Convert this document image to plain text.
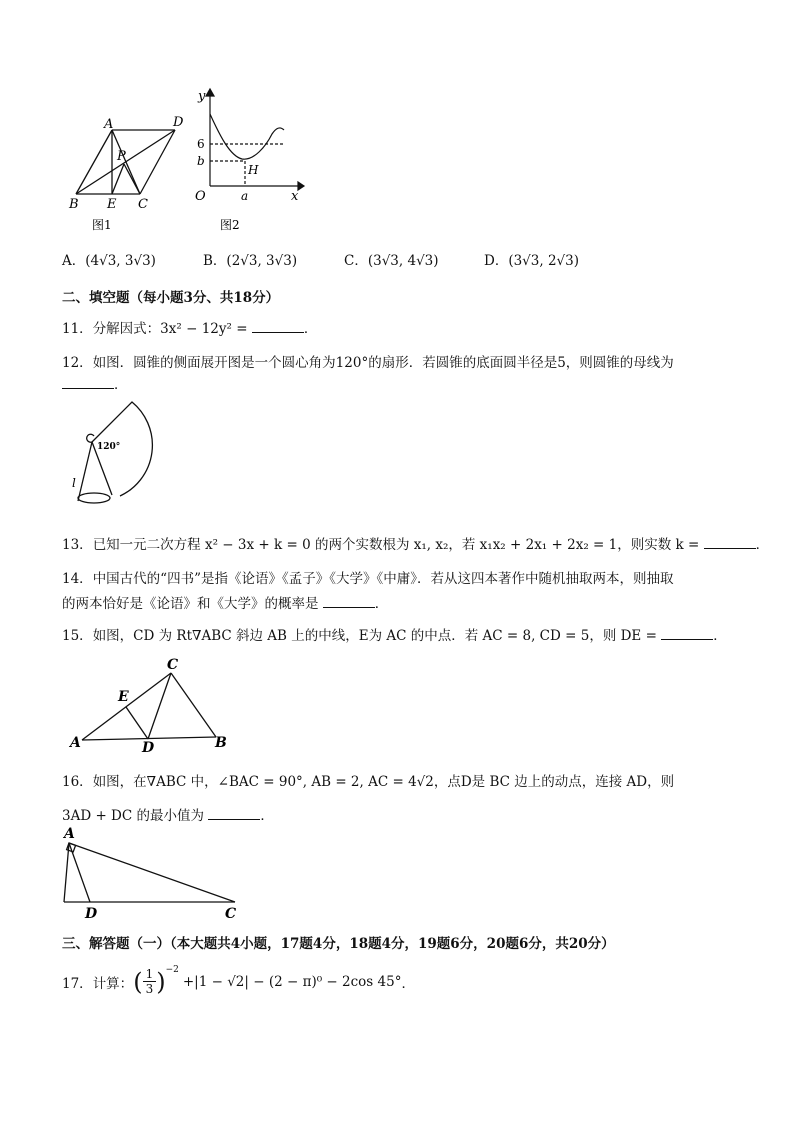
A	D
P
B E C
图1
y
6
b
H
O	a	x
图2
A．(4√3, 3√3)	B．(2√3, 3√3)	C．(3√3, 4√3)	D．(3√3, 2√3)
二、填空题（每小题3分、共18分）
11．分解因式：3x² − 12y² =	．
12．如图．圆锥的侧面展开图是一个圆心角为120°的扇形．若圆锥的底面圆半径是5，则圆锥的母线为
．
120°
l
13．已知一元二次方程 x² − 3x + k = 0 的两个实数根为 x₁, x₂，若 x₁x₂ + 2x₁ + 2x₂ = 1，则实数 k =	．
14．中国古代的“四书”是指《论语》《孟子》《大学》《中庸》．若从这四本著作中随机抽取两本，则抽取
的两本恰好是《论语》和《大学》的概率是	．
15．如图，CD 为 Rt∇ABC 斜边 AB 上的中线，E为 AC 的中点．若 AC = 8, CD = 5，则 DE =	．
C
E
A	D	B
16．如图，在∇ABC 中，∠BAC = 90°, AB = 2, AC = 4√2，点D是 BC 边上的动点，连接 AD，则
3AD + DC 的最小值为	．
A
D	C
三、解答题（一）（本大题共4小题，17题4分，18题4分，19题6分，20题6分，共20分）
17． 计算： ( $\frac{1}{3} )^{-2}$
+|1 − √2| − (2 − π)⁰ − 2cos 45° ．
